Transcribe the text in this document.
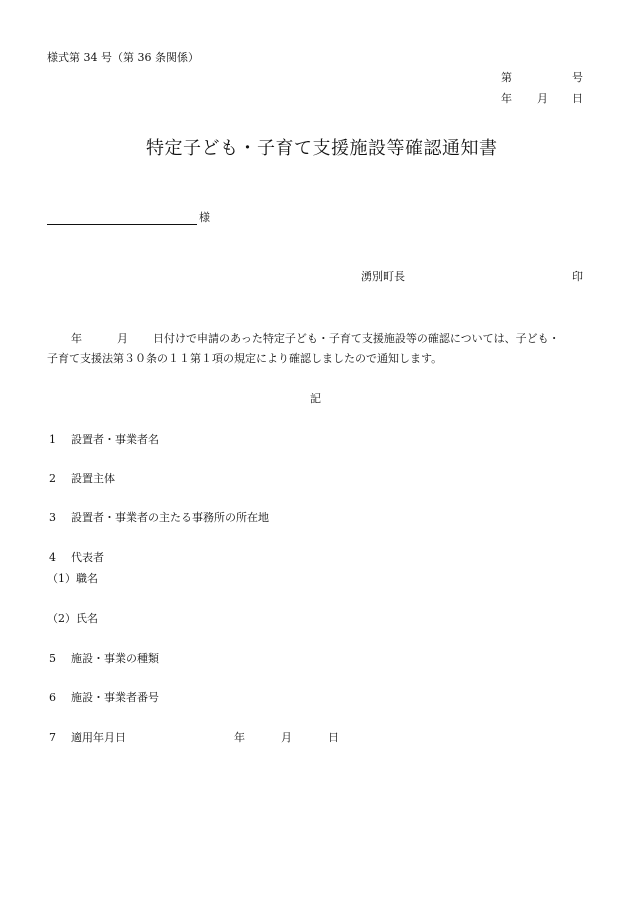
様式第 34 号（第 36 条関係）
第	号
年 月 日
特定子ども・子育て支援施設等確認通知書
様
湧別町長	印
年	月 日付けで申請のあった特定子ども・子育て支援施設等の確認については、子ども・
子育て支援法第３０条の１１第１項の規定により確認しましたので通知します。
記
1 設置者・事業者名
2 設置主体
3 設置者・事業者の主たる事務所の所在地
4 代表者
（1）職名
（2）氏名
5 施設・事業の種類
6 施設・事業者番号
7 適用年月日	年	月	日
